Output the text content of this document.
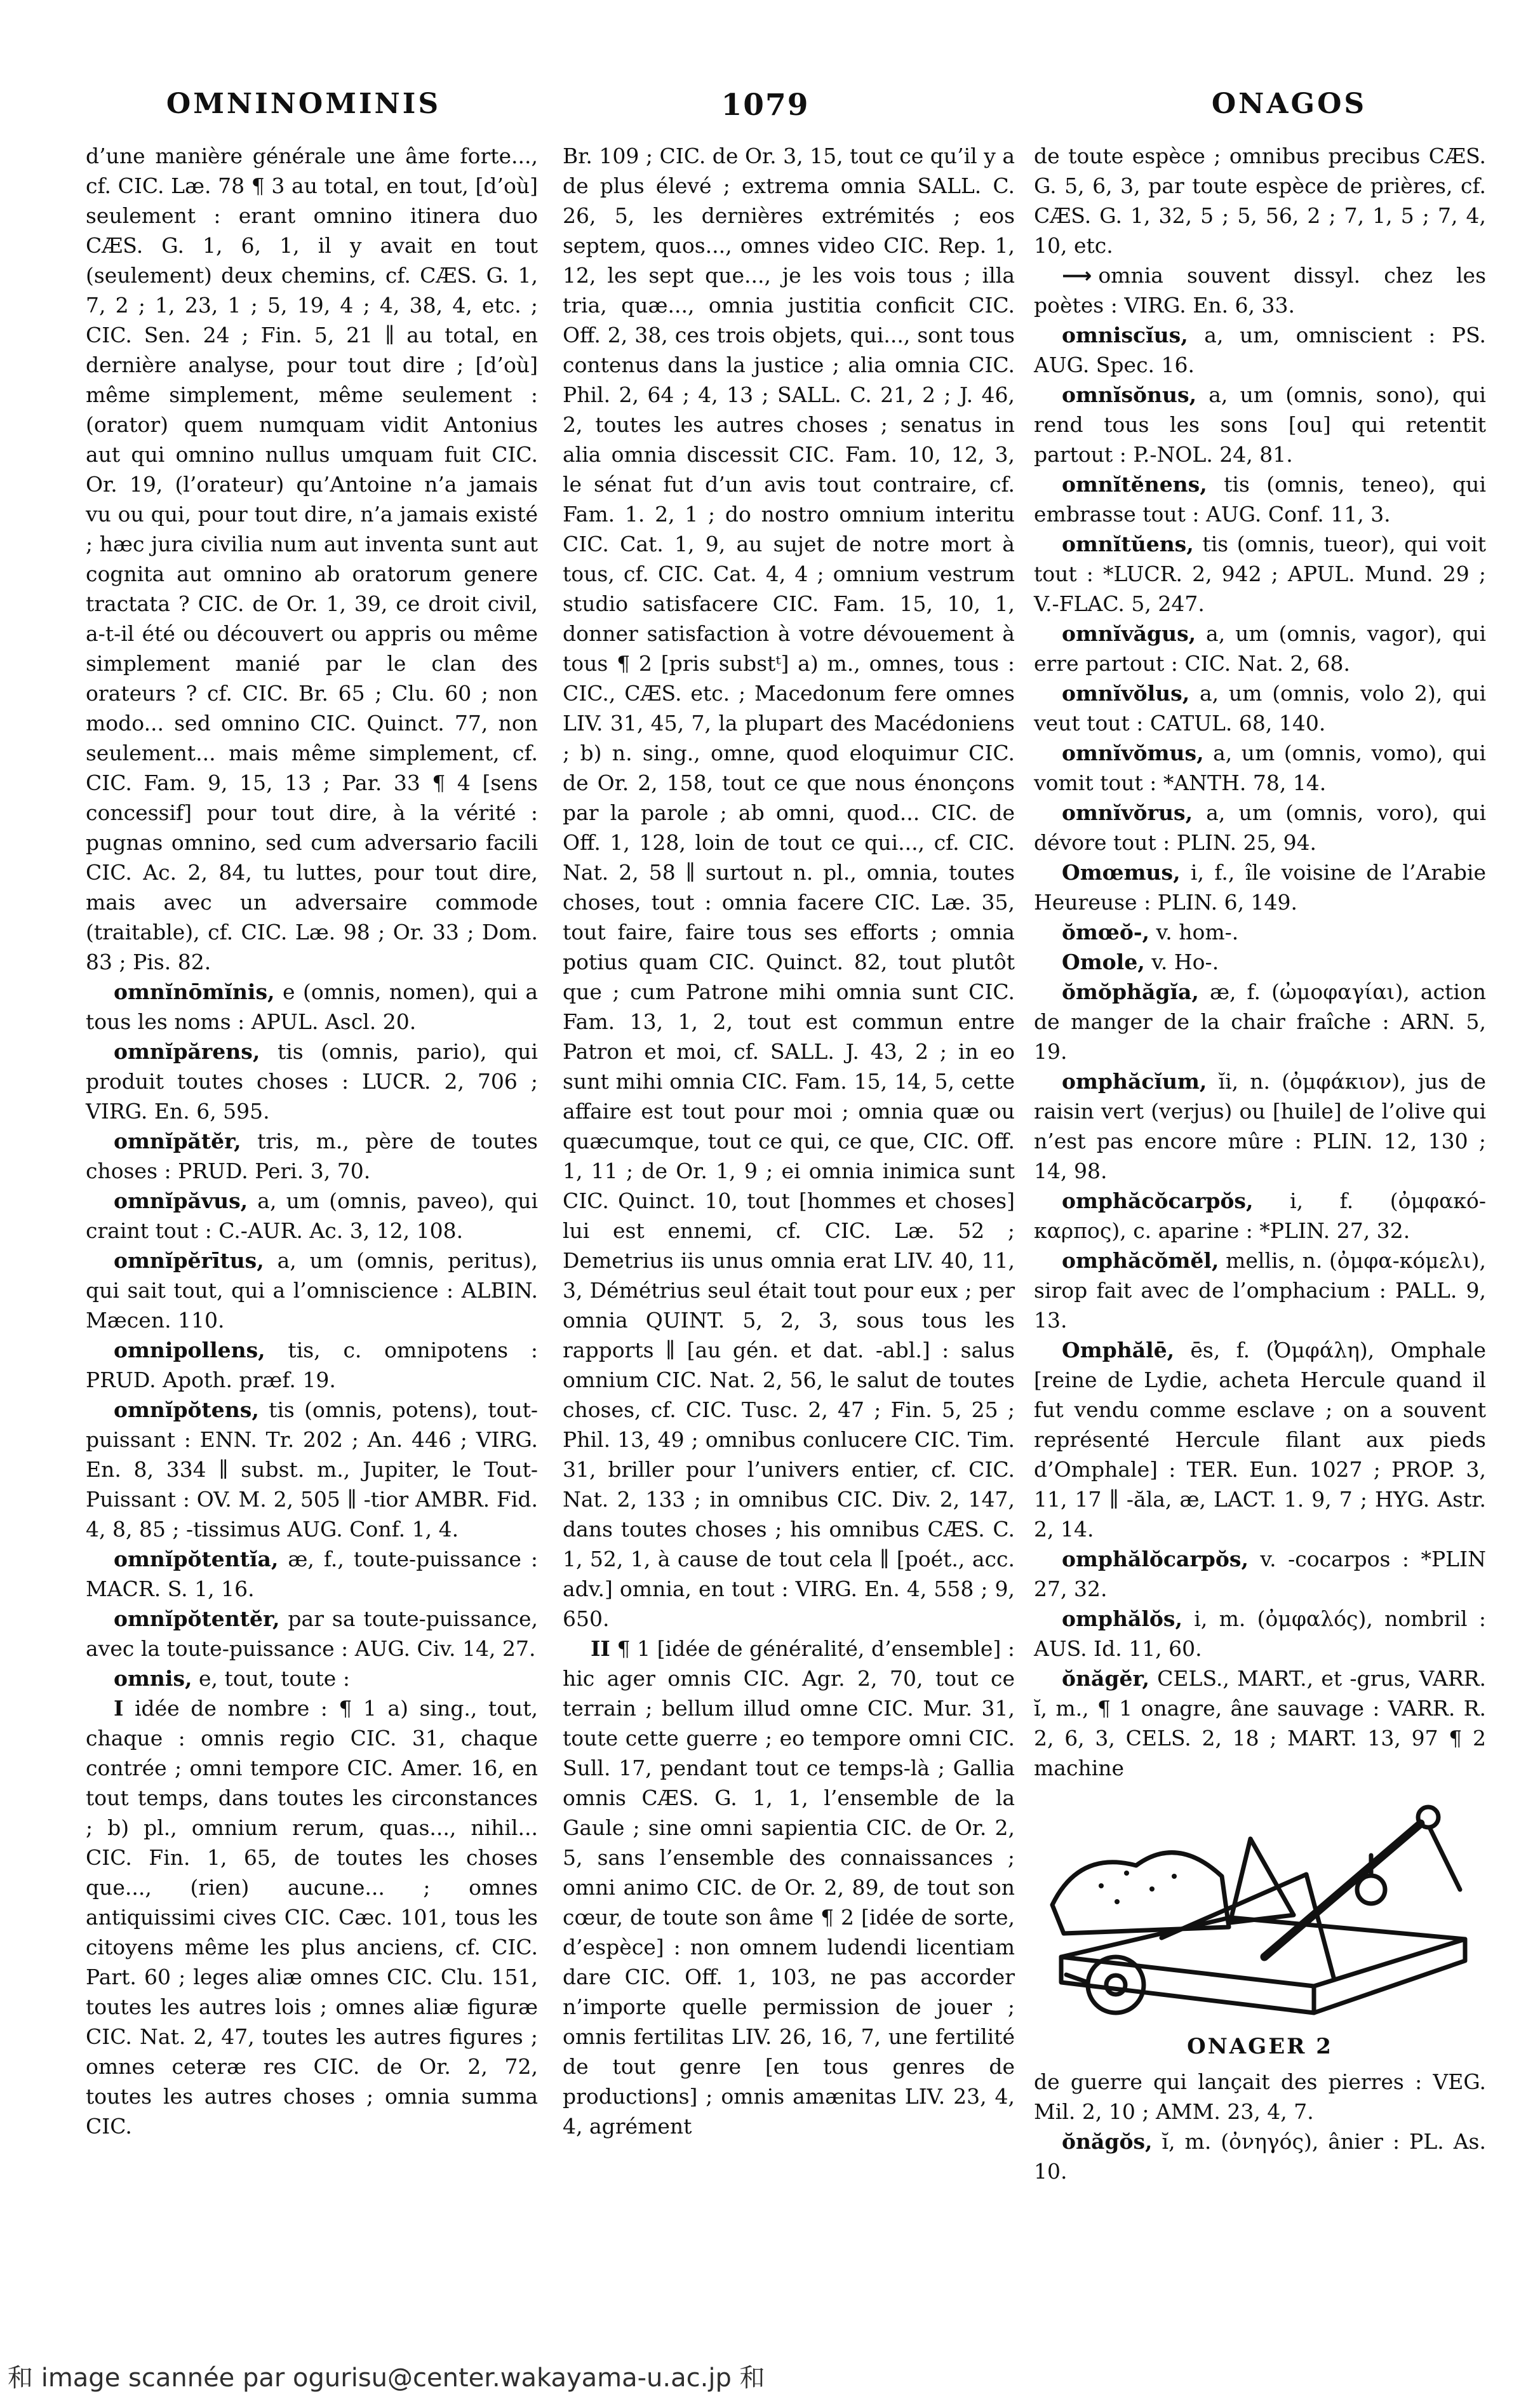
OMNINOMINIS	1079	ONAGOS

d’une manière générale une âme forte..., cf. CIC. Læ. 78 ¶ 3 au total, en tout, [d’où] seulement : erant omnino itinera duo CÆS. G. 1, 6, 1, il y avait en tout (seulement) deux chemins, cf. CÆS. G. 1, 7, 2 ; 1, 23, 1 ; 5, 19, 4 ; 4, 38, 4, etc. ; CIC. Sen. 24 ; Fin. 5, 21 ∥ au total, en dernière analyse, pour tout dire ; [d’où] même simplement, même seulement : (orator) quem numquam vidit Antonius aut qui omnino nullus umquam fuit CIC. Or. 19, (l’orateur) qu’Antoine n’a jamais vu ou qui, pour tout dire, n’a jamais existé ; hæc jura civilia num aut inventa sunt aut cognita aut omnino ab oratorum genere tractata ? CIC. de Or. 1, 39, ce droit civil, a-t-il été ou découvert ou appris ou même simplement manié par le clan des orateurs ? cf. CIC. Br. 65 ; Clu. 60 ; non modo... sed omnino CIC. Quinct. 77, non seulement... mais même simplement, cf. CIC. Fam. 9, 15, 13 ; Par. 33 ¶ 4 [sens concessif] pour tout dire, à la vérité : pugnas omnino, sed cum adversario facili CIC. Ac. 2, 84, tu luttes, pour tout dire, mais avec un adversaire commode (traitable), cf. CIC. Læ. 98 ; Or. 33 ; Dom. 83 ; Pis. 82.

omnĭnōmĭnis, e (omnis, nomen), qui a tous les noms : APUL. Ascl. 20.

omnĭpărens, tis (omnis, pario), qui produit toutes choses : LUCR. 2, 706 ; VIRG. En. 6, 595.

omnĭpătĕr, tris, m., père de toutes choses : PRUD. Peri. 3, 70.

omnĭpăvus, a, um (omnis, paveo), qui craint tout : C.-AUR. Ac. 3, 12, 108.

omnĭpĕrītus, a, um (omnis, peritus), qui sait tout, qui a l’omniscience : ALBIN. Mæcen. 110.

omnipollens, tis, c. omnipotens : PRUD. Apoth. præf. 19.

omnĭpŏtens, tis (omnis, potens), tout-puissant : ENN. Tr. 202 ; An. 446 ; VIRG. En. 8, 334 ∥ subst. m., Jupiter, le Tout-Puissant : OV. M. 2, 505 ∥ -tior AMBR. Fid. 4, 8, 85 ; -tissimus AUG. Conf. 1, 4.

omnĭpŏtentĭa, æ, f., toute-puissance : MACR. S. 1, 16.

omnĭpŏtentĕr, par sa toute-puissance, avec la toute-puissance : AUG. Civ. 14, 27.

omnis, e, tout, toute :

I idée de nombre : ¶ 1 a) sing., tout, chaque : omnis regio CIC. 31, chaque contrée ; omni tempore CIC. Amer. 16, en tout temps, dans toutes les circonstances ; b) pl., omnium rerum, quas..., nihil... CIC. Fin. 1, 65, de toutes les choses que..., (rien) aucune... ; omnes antiquissimi cives CIC. Cæc. 101, tous les citoyens même les plus anciens, cf. CIC. Part. 60 ; leges aliæ omnes CIC. Clu. 151, toutes les autres lois ; omnes aliæ figuræ CIC. Nat. 2, 47, toutes les autres figures ; omnes ceteræ res CIC. de Or. 2, 72, toutes les autres choses ; omnia summa CIC.

Br. 109 ; CIC. de Or. 3, 15, tout ce qu’il y a de plus élevé ; extrema omnia SALL. C. 26, 5, les dernières extrémités ; eos septem, quos..., omnes video CIC. Rep. 1, 12, les sept que..., je les vois tous ; illa tria, quæ..., omnia justitia conficit CIC. Off. 2, 38, ces trois objets, qui..., sont tous contenus dans la justice ; alia omnia CIC. Phil. 2, 64 ; 4, 13 ; SALL. C. 21, 2 ; J. 46, 2, toutes les autres choses ; senatus in alia omnia discessit CIC. Fam. 10, 12, 3, le sénat fut d’un avis tout contraire, cf. Fam. 1. 2, 1 ; do nostro omnium interitu CIC. Cat. 1, 9, au sujet de notre mort à tous, cf. CIC. Cat. 4, 4 ; omnium vestrum studio satisfacere CIC. Fam. 15, 10, 1, donner satisfaction à votre dévouement à tous ¶ 2 [pris substᵗ] a) m., omnes, tous : CIC., CÆS. etc. ; Macedonum fere omnes LIV. 31, 45, 7, la plupart des Macédoniens ; b) n. sing., omne, quod eloquimur CIC. de Or. 2, 158, tout ce que nous énonçons par la parole ; ab omni, quod... CIC. de Off. 1, 128, loin de tout ce qui..., cf. CIC. Nat. 2, 58 ∥ surtout n. pl., omnia, toutes choses, tout : omnia facere CIC. Læ. 35, tout faire, faire tous ses efforts ; omnia potius quam CIC. Quinct. 82, tout plutôt que ; cum Patrone mihi omnia sunt CIC. Fam. 13, 1, 2, tout est commun entre Patron et moi, cf. SALL. J. 43, 2 ; in eo sunt mihi omnia CIC. Fam. 15, 14, 5, cette affaire est tout pour moi ; omnia quæ ou quæcumque, tout ce qui, ce que, CIC. Off. 1, 11 ; de Or. 1, 9 ; ei omnia inimica sunt CIC. Quinct. 10, tout [hommes et choses] lui est ennemi, cf. CIC. Læ. 52 ; Demetrius iis unus omnia erat LIV. 40, 11, 3, Démétrius seul était tout pour eux ; per omnia QUINT. 5, 2, 3, sous tous les rapports ∥ [au gén. et dat. -abl.] : salus omnium CIC. Nat. 2, 56, le salut de toutes choses, cf. CIC. Tusc. 2, 47 ; Fin. 5, 25 ; Phil. 13, 49 ; omnibus conlucere CIC. Tim. 31, briller pour l’univers entier, cf. CIC. Nat. 2, 133 ; in omnibus CIC. Div. 2, 147, dans toutes choses ; his omnibus CÆS. C. 1, 52, 1, à cause de tout cela ∥ [poét., acc. adv.] omnia, en tout : VIRG. En. 4, 558 ; 9, 650.

II ¶ 1 [idée de généralité, d’ensemble] : hic ager omnis CIC. Agr. 2, 70, tout ce terrain ; bellum illud omne CIC. Mur. 31, toute cette guerre ; eo tempore omni CIC. Sull. 17, pendant tout ce temps-là ; Gallia omnis CÆS. G. 1, 1, l’ensemble de la Gaule ; sine omni sapientia CIC. de Or. 2, 5, sans l’ensemble des connaissances ; omni animo CIC. de Or. 2, 89, de tout son cœur, de toute son âme ¶ 2 [idée de sorte, d’espèce] : non omnem ludendi licentiam dare CIC. Off. 1, 103, ne pas accorder n’importe quelle permission de jouer ; omnis fertilitas LIV. 26, 16, 7, une fertilité de tout genre [en tous genres de productions] ; omnis amænitas LIV. 23, 4, 4, agrément

de toute espèce ; omnibus precibus CÆS. G. 5, 6, 3, par toute espèce de prières, cf. CÆS. G. 1, 32, 5 ; 5, 56, 2 ; 7, 1, 5 ; 7, 4, 10, etc.

⟶ omnia souvent dissyl. chez les poètes : VIRG. En. 6, 33.

omniscĭus, a, um, omniscient : PS. AUG. Spec. 16.

omnĭsŏnus, a, um (omnis, sono), qui rend tous les sons [ou] qui retentit partout : P.-NOL. 24, 81.

omnĭtĕnens, tis (omnis, teneo), qui embrasse tout : AUG. Conf. 11, 3.

omnĭtŭens, tis (omnis, tueor), qui voit tout : *LUCR. 2, 942 ; APUL. Mund. 29 ; V.-FLAC. 5, 247.

omnĭvăgus, a, um (omnis, vagor), qui erre partout : CIC. Nat. 2, 68.

omnĭvŏlus, a, um (omnis, volo 2), qui veut tout : CATUL. 68, 140.

omnĭvŏmus, a, um (omnis, vomo), qui vomit tout : *ANTH. 78, 14.

omnĭvŏrus, a, um (omnis, voro), qui dévore tout : PLIN. 25, 94.

Omœmus, i, f., île voisine de l’Arabie Heureuse : PLIN. 6, 149.

ŏmœŏ-, v. hom-.

Omole, v. Ho-.

ŏmŏphăgĭa, æ, f. (ὠμοφαγίαι), action de manger de la chair fraîche : ARN. 5, 19.

omphăcĭum, ĭi, n. (ὀμφάκιον), jus de raisin vert (verjus) ou [huile] de l’olive qui n’est pas encore mûre : PLIN. 12, 130 ; 14, 98.

omphăcŏcarpŏs, i, f. (ὀμφακό-καρπος), c. aparine : *PLIN. 27, 32.

omphăcŏmĕl, mellis, n. (ὀμφα-κόμελι), sirop fait avec de l’omphacium : PALL. 9, 13.

Omphălē, ēs, f. (Ὀμφάλη), Omphale [reine de Lydie, acheta Hercule quand il fut vendu comme esclave ; on a souvent représenté Hercule filant aux pieds d’Omphale] : TER. Eun. 1027 ; PROP. 3, 11, 17 ∥ -ăla, æ, LACT. 1. 9, 7 ; HYG. Astr. 2, 14.

omphălŏcarpŏs, v. -cocarpos : *PLIN 27, 32.

omphălŏs, i, m. (ὀμφαλός), nombril : AUS. Id. 11, 60.

ŏnăgĕr, CELS., MART., et -grus, VARR. ĭ, m., ¶ 1 onagre, âne sauvage : VARR. R. 2, 6, 3, CELS. 2, 18 ; MART. 13, 97 ¶ 2 machine

ONAGER 2

de guerre qui lançait des pierres : VEG. Mil. 2, 10 ; AMM. 23, 4, 7.

ŏnăgŏs, ĭ, m. (ὀνηγός), ânier : PL. As. 10.

和 image scannée par ogurisu@center.wakayama-u.ac.jp 和
